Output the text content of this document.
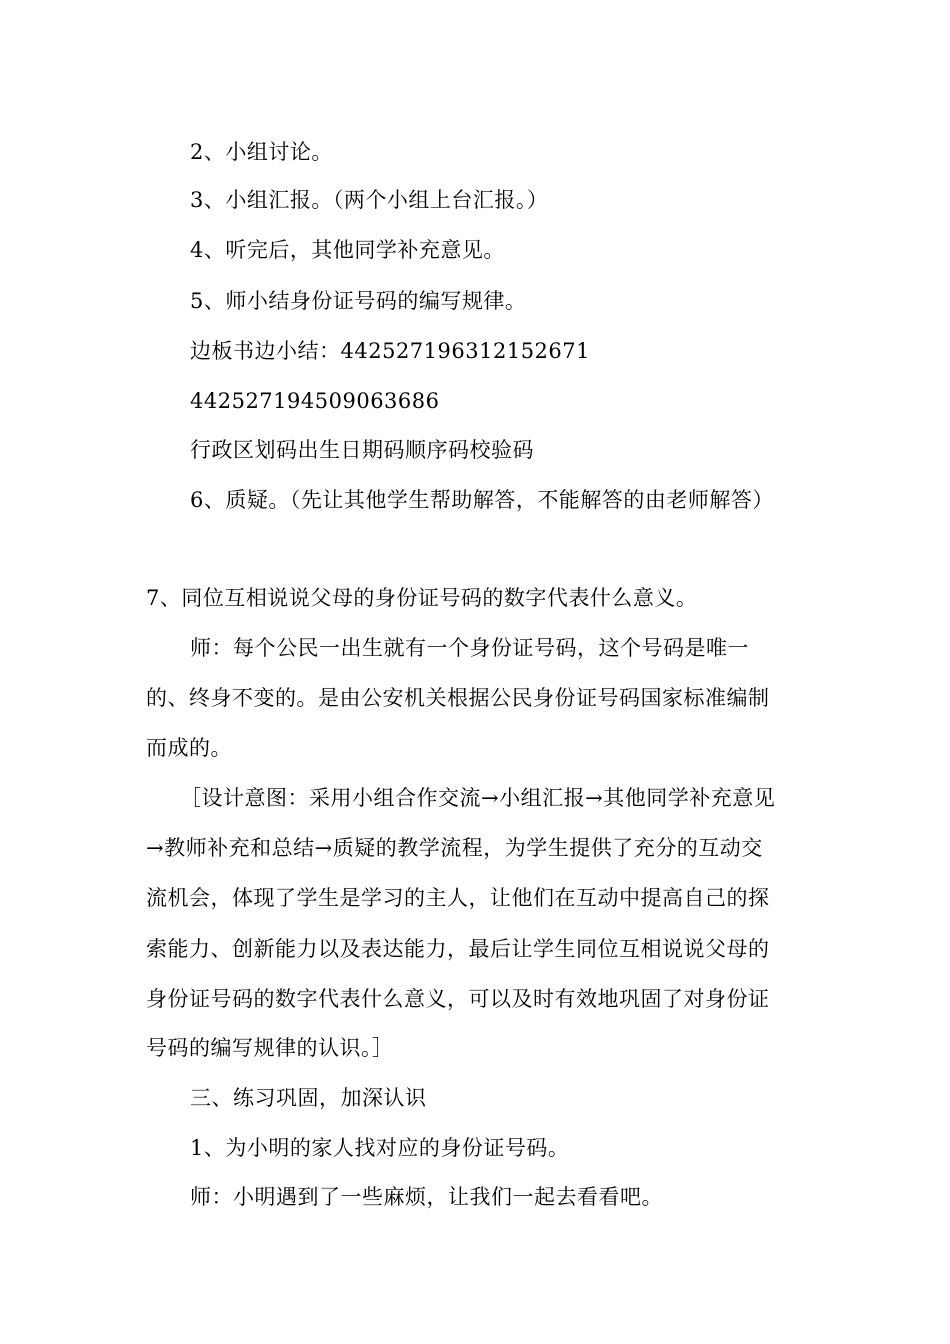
2、小组讨论。
3、小组汇报。（两个小组上台汇报。）
4、听完后，其他同学补充意见。
5、师小结身份证号码的编写规律。
边板书边小结：442527196312152671
442527194509063686
行政区划码出生日期码顺序码校验码
6、质疑。（先让其他学生帮助解答，不能解答的由老师解答）
7、同位互相说说父母的身份证号码的数字代表什么意义。
师：每个公民一出生就有一个身份证号码，这个号码是唯一
的、终身不变的。是由公安机关根据公民身份证号码国家标准编制
而成的。
［设计意图：采用小组合作交流→小组汇报→其他同学补充意见
→教师补充和总结→质疑的教学流程，为学生提供了充分的互动交
流机会，体现了学生是学习的主人，让他们在互动中提高自己的探
索能力、创新能力以及表达能力，最后让学生同位互相说说父母的
身份证号码的数字代表什么意义，可以及时有效地巩固了对身份证
号码的编写规律的认识。］
三、练习巩固，加深认识
1、为小明的家人找对应的身份证号码。
师：小明遇到了一些麻烦，让我们一起去看看吧。
